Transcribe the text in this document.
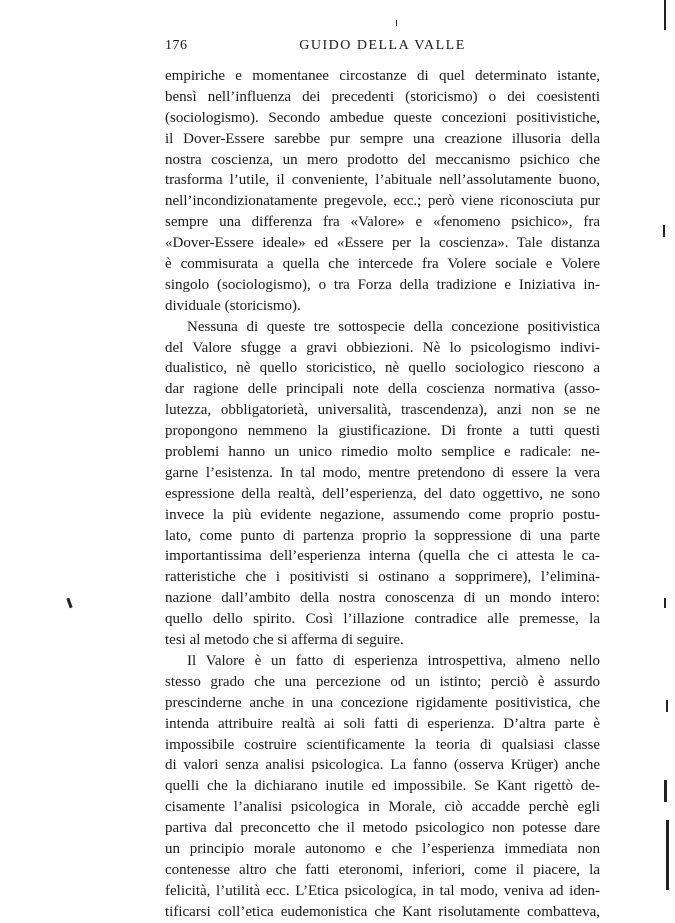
176	GUIDO DELLA VALLE
empiriche e momentanee circostanze di quel determinato istante,
bensì nell’influenza dei precedenti (storicismo) o dei coesistenti
(sociologismo). Secondo ambedue queste concezioni positivistiche,
il Dover-Essere sarebbe pur sempre una creazione illusoria della
nostra coscienza, un mero prodotto del meccanismo psichico che
trasforma l’utile, il conveniente, l’abituale nell’assolutamente buono,
nell’incondizionatamente pregevole, ecc.; però viene riconosciuta pur
sempre una differenza fra «Valore» e «fenomeno psichico», fra
«Dover-Essere ideale» ed «Essere per la coscienza». Tale distanza
è commisurata a quella che intercede fra Volere sociale e Volere
singolo (sociologismo), o tra Forza della tradizione e Iniziativa in-
dividuale (storicismo).
Nessuna di queste tre sottospecie della concezione positivistica
del Valore sfugge a gravi obbiezioni. Nè lo psicologismo indivi-
dualistico, nè quello storicistico, nè quello sociologico riescono a
dar ragione delle principali note della coscienza normativa (asso-
lutezza, obbligatorietà, universalità, trascendenza), anzi non se ne
propongono nemmeno la giustificazione. Di fronte a tutti questi
problemi hanno un unico rimedio molto semplice e radicale: ne-
garne l’esistenza. In tal modo, mentre pretendono di essere la vera
espressione della realtà, dell’esperienza, del dato oggettivo, ne sono
invece la più evidente negazione, assumendo come proprio postu-
lato, come punto di partenza proprio la soppressione di una parte
importantissima dell’esperienza interna (quella che ci attesta le ca-
ratteristiche che i positivisti si ostinano a sopprimere), l’elimina-
nazione dall’ambito della nostra conoscenza di un mondo intero:
quello dello spirito. Così l’illazione contradice alle premesse, la
tesi al metodo che si afferma di seguire.
Il Valore è un fatto di esperienza introspettiva, almeno nello
stesso grado che una percezione od un istinto; perciò è assurdo
prescinderne anche in una concezione rigidamente positivistica, che
intenda attribuire realtà ai soli fatti di esperienza. D’altra parte è
impossibile costruire scientificamente la teoria di qualsiasi classe
di valori senza analisi psicologica. La fanno (osserva Krüger) anche
quelli che la dichiarano inutile ed impossibile. Se Kant rigettò de-
cisamente l’analisi psicologica in Morale, ciò accadde perchè egli
partiva dal preconcetto che il metodo psicologico non potesse dare
un principio morale autonomo e che l’esperienza immediata non
contenesse altro che fatti eteronomi, inferiori, come il piacere, la
felicità, l’utilità ecc. L’Etica psicologica, in tal modo, veniva ad iden-
tificarsi coll’etica eudemonistica che Kant risolutamente combatteva,
